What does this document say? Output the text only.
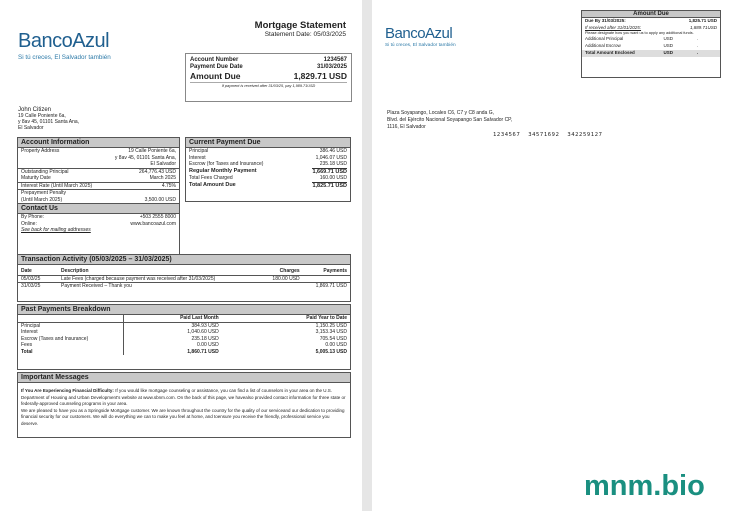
BancoAzul
Si tú creces, El Salvador también
Mortgage Statement
Statement Date: 05/03/2025
Account Number	1234567
Payment Due Date	31/03/2025
Amount Due	1,829.71 USD
If payment is received after 31/03/25, pay 1,989.71USD
John Citizen
19 Calle Poniente 6a,
y 8av 45, 01101 Santa Ana,
El Salvador
Account Information
Property Address	19 Calle Poniente 6a,
y 8av 45, 01101 Santa Ana,
El Salvador
Outstanding Principal	264,776.43 USD
Maturity Date	March 2025
Interest Rate (Until March 2025)	4.75%
Prepayment Penalty
(Until March 2025)	3,500.00 USD
Contact Us
By Phone:	+503 2555 8000
Online:	www.bancoazul.com
See back for mailing addresses
Current Payment Due
Principal	386.46 USD
Interest	1,046.07 USD
Escrow (for Taxes and Insurance)	235.18 USD
Regular Monthly Payment	1,669.71 USD
Total Fees Charged	160.00 USD
Total Amount Due	1,825.71 USD
Transaction Activity (05/03/2025 – 31/03/2025)
Date	Description	Charges	Payments
05/03/25	Late Fees (charged because payment was received after 31/03/2025)	180.00 USD	
31/03/25	Payment Received – Thank you		1,869.71 USD
Past Payments Breakdown
	Paid Last Month	Paid Year to Date
Principal	384.93 USD	1,150.25 USD
Interest	1,040.60 USD	3,153.34 USD
Escrow (Taxes and Insurance)	235.18 USD	705.54 USD
Fees	0.00 USD	0.00 USD
Total	1,860.71 USD	5,005.13 USD
Important Messages
If You Are Experiencing Financial Difficulty: If you would like mortgage counseling or assistance, you can find a list of counselors in your area on the U.S. Department of Housing and Urban Development's website at www.sbnm.com. On the back of this page, we havealso provided contact information for three state or federally-approved counseling programs in your area.
We are pleased to have you as a Springside Mortgage customer. We are known throughout the country for the quality of our serviceand our dedication to providing financial security for our customers. We will do everything we can to make you feel at home, and toensure you receive the friendly, professional service you deserve.
BancoAzul
Si tú creces, El Salvador también
Amount Due
Due By 31/03/2025:	1,825.71 USD
If received after 31/01/2025:	1,889.71USD
Please designate how you want us to apply any additional funds.
Additional Principal	USD	.
Additional Escrow	USD	.
Total Amount Enclosed	USD	.
Plaza Soyapango, Locales C6, C7 y C8 anda G,
Blvd. del Ejército Nacional Soyapango San Salvador CP,
1116, El Salvador
1234567  34571692  342259127
mnm.bio
